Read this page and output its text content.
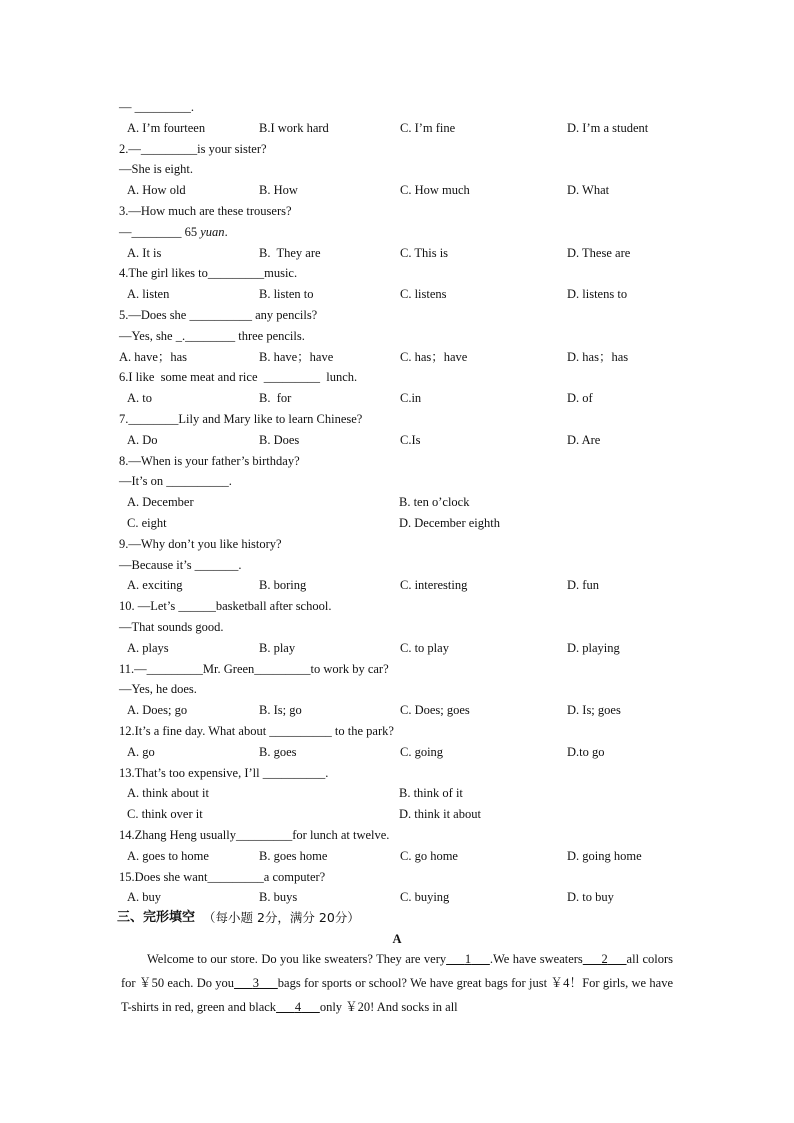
— _________.
A. I’m fourteen	B.I work hard	C. I’m fine	D. I’m a student
2.—_________is your sister?
—She is eight.
A. How old	B. How	C. How much	D. What
3.—How much are these trousers?
—________ 65 yuan.
A. It is	B.  They are	C. This is	D. These are
4.The girl likes to_________music.
A. listen	B. listen to	C. listens	D. listens to
5.—Does she __________ any pencils?
—Yes, she _.________ three pencils.
A. have；has	B. have；have	C. has；have	D. has；has
6.I like  some meat and rice  _________  lunch.
A. to	B.  for	C.in	D. of
7.________Lily and Mary like to learn Chinese?
A. Do	B. Does	C.Is	D. Are
8.—When is your father’s birthday?
—It’s on __________.
A. December	B. ten o’clock
C. eight	D. December eighth
9.—Why don’t you like history?
—Because it’s _______.
A. exciting	B. boring	C. interesting	D. fun
10. —Let’s ______basketball after school.
—That sounds good.
A. plays	B. play	C. to play	D. playing
11.—_________Mr. Green_________to work by car?
—Yes, he does.
A. Does; go	B. Is; go	C. Does; goes	D. Is; goes
12.It’s a fine day. What about __________ to the park?
A. go	B. goes	C. going	D.to go
13.That’s too expensive, I’ll __________.
A. think about it	B. think of it
C. think over it	D. think it about
14.Zhang Heng usually_________for lunch at twelve.
A. goes to home	B. goes home	C. go home	D. going home
15.Does she want_________a computer?
A. buy	B. buys	C. buying	D. to buy
三、完形填空 （每小题 2分，满分 20分）
A
Welcome to our store. Do you like sweaters? They are very    1    .We have sweaters    2    all colors for ￥50 each. Do you    3    bags for sports or school? We have great bags for just ￥4！For girls, we have T-shirts in red, green and black    4    only ￥20! And socks in all
